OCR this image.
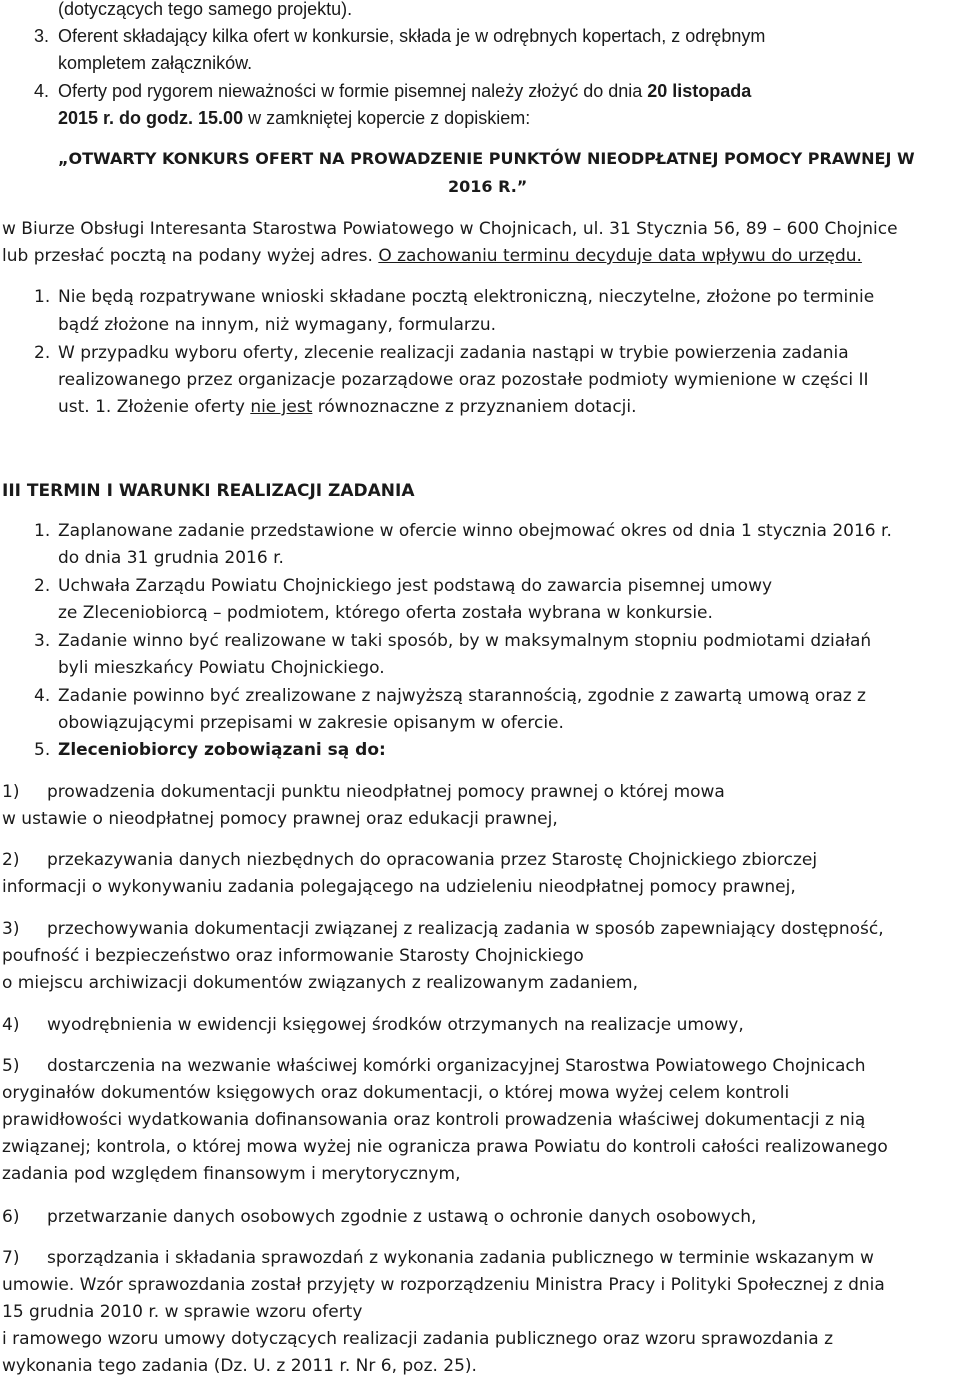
(dotyczących tego samego projektu).
3. Oferent składający kilka ofert w konkursie, składa je w odrębnych kopertach, z odrębnym
kompletem załączników.
4. Oferty pod rygorem nieważności w formie pisemnej należy złożyć do dnia 20 listopada
2015 r. do godz. 15.00 w zamkniętej kopercie z dopiskiem:
„OTWARTY KONKURS OFERT NA PROWADZENIE PUNKTÓW NIEODPŁATNEJ POMOCY PRAWNEJ W
2016 R.”
w Biurze Obsługi Interesanta Starostwa Powiatowego w Chojnicach, ul. 31 Stycznia 56, 89 – 600 Chojnice
lub przesłać pocztą na podany wyżej adres. O zachowaniu terminu decyduje data wpływu do urzędu.
1. Nie będą rozpatrywane wnioski składane pocztą elektroniczną, nieczytelne, złożone po terminie
bądź złożone na innym, niż wymagany, formularzu.
2. W przypadku wyboru oferty, zlecenie realizacji zadania nastąpi w trybie powierzenia zadania
realizowanego przez organizacje pozarządowe oraz pozostałe podmioty wymienione w części II
ust. 1. Złożenie oferty nie jest równoznaczne z przyznaniem dotacji.
III TERMIN I WARUNKI REALIZACJI ZADANIA
1. Zaplanowane zadanie przedstawione w ofercie winno obejmować okres od dnia 1 stycznia 2016 r.
do dnia 31 grudnia 2016 r.
2. Uchwała Zarządu Powiatu Chojnickiego jest podstawą do zawarcia pisemnej umowy
ze Zleceniobiorcą – podmiotem, którego oferta została wybrana w konkursie.
3. Zadanie winno być realizowane w taki sposób, by w maksymalnym stopniu podmiotami działań
byli mieszkańcy Powiatu Chojnickiego.
4. Zadanie powinno być zrealizowane z najwyższą starannością, zgodnie z zawartą umową oraz z
obowiązującymi przepisami w zakresie opisanym w ofercie.
5. Zleceniobiorcy zobowiązani są do:
1) prowadzenia dokumentacji punktu nieodpłatnej pomocy prawnej o której mowa
w ustawie o nieodpłatnej pomocy prawnej oraz edukacji prawnej,
2) przekazywania danych niezbędnych do opracowania przez Starostę Chojnickiego zbiorczej
informacji o wykonywaniu zadania polegającego na udzieleniu nieodpłatnej pomocy prawnej,
3) przechowywania dokumentacji związanej z realizacją zadania w sposób zapewniający dostępność,
poufność i bezpieczeństwo oraz informowanie Starosty Chojnickiego
o miejscu archiwizacji dokumentów związanych z realizowanym zadaniem,
4) wyodrębnienia w ewidencji księgowej środków otrzymanych na realizacje umowy,
5) dostarczenia na wezwanie właściwej komórki organizacyjnej Starostwa Powiatowego Chojnicach
oryginałów dokumentów księgowych oraz dokumentacji, o której mowa wyżej celem kontroli
prawidłowości wydatkowania dofinansowania oraz kontroli prowadzenia właściwej dokumentacji z nią
związanej; kontrola, o której mowa wyżej nie ogranicza prawa Powiatu do kontroli całości realizowanego
zadania pod względem finansowym i merytorycznym,
6) przetwarzanie danych osobowych zgodnie z ustawą o ochronie danych osobowych,
7) sporządzania i składania sprawozdań z wykonania zadania publicznego w terminie wskazanym w
umowie. Wzór sprawozdania został przyjęty w rozporządzeniu Ministra Pracy i Polityki Społecznej z dnia
15 grudnia 2010 r. w sprawie wzoru oferty
i ramowego wzoru umowy dotyczących realizacji zadania publicznego oraz wzoru sprawozdania z
wykonania tego zadania (Dz. U. z 2011 r. Nr 6, poz. 25).
